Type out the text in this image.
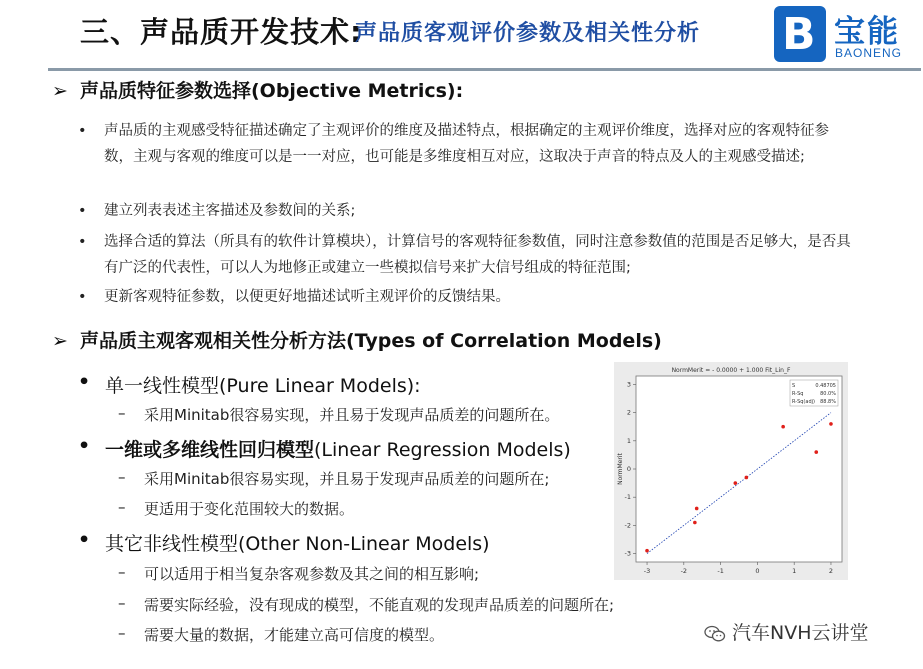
三、声品质开发技术:
声品质客观评价参数及相关性分析 B 宝能
BAONENG
➢ 声品质特征参数选择(Objective Metrics):
• 声品质的主观感受特征描述确定了主观评价的维度及描述特点，根据确定的主观评价维度，选择对应的客观特征参数，主观与客观的维度可以是一一对应，也可能是多维度相互对应，这取决于声音的特点及人的主观感受描述;
• 建立列表表述主客描述及参数间的关系;
• 选择合适的算法（所具有的软件计算模块），计算信号的客观特征参数值，同时注意参数值的范围是否足够大，是否具有广泛的代表性，可以人为地修正或建立一些模拟信号来扩大信号组成的特征范围;
• 更新客观特征参数，以便更好地描述试听主观评价的反馈结果。
➢ 声品质主观客观相关性分析方法(Types of Correlation Models)
• 单一线性模型(Pure Linear Models):
– 采用Minitab很容易实现，并且易于发现声品质差的问题所在。
• 一维或多维线性回归模型(Linear Regression Models)
– 采用Minitab很容易实现，并且易于发现声品质差的问题所在;
– 更适用于变化范围较大的数据。
• 其它非线性模型(Other Non-Linear Models)
– 可以适用于相当复杂客观参数及其之间的相互影响;
– 需要实际经验，没有现成的模型，不能直观的发现声品质差的问题所在;
– 需要大量的数据，才能建立高可信度的模型。
NormMerit = - 0.0000 + 1.000 Fit_Lin_F
NormMerit
-3	-2	-1	0	1	2
-3
-2
-1
0
1
2
3	S	0.48705
R-Sq	80.0%
R-Sq(adj) 88.8%
汽车NVH云讲堂
